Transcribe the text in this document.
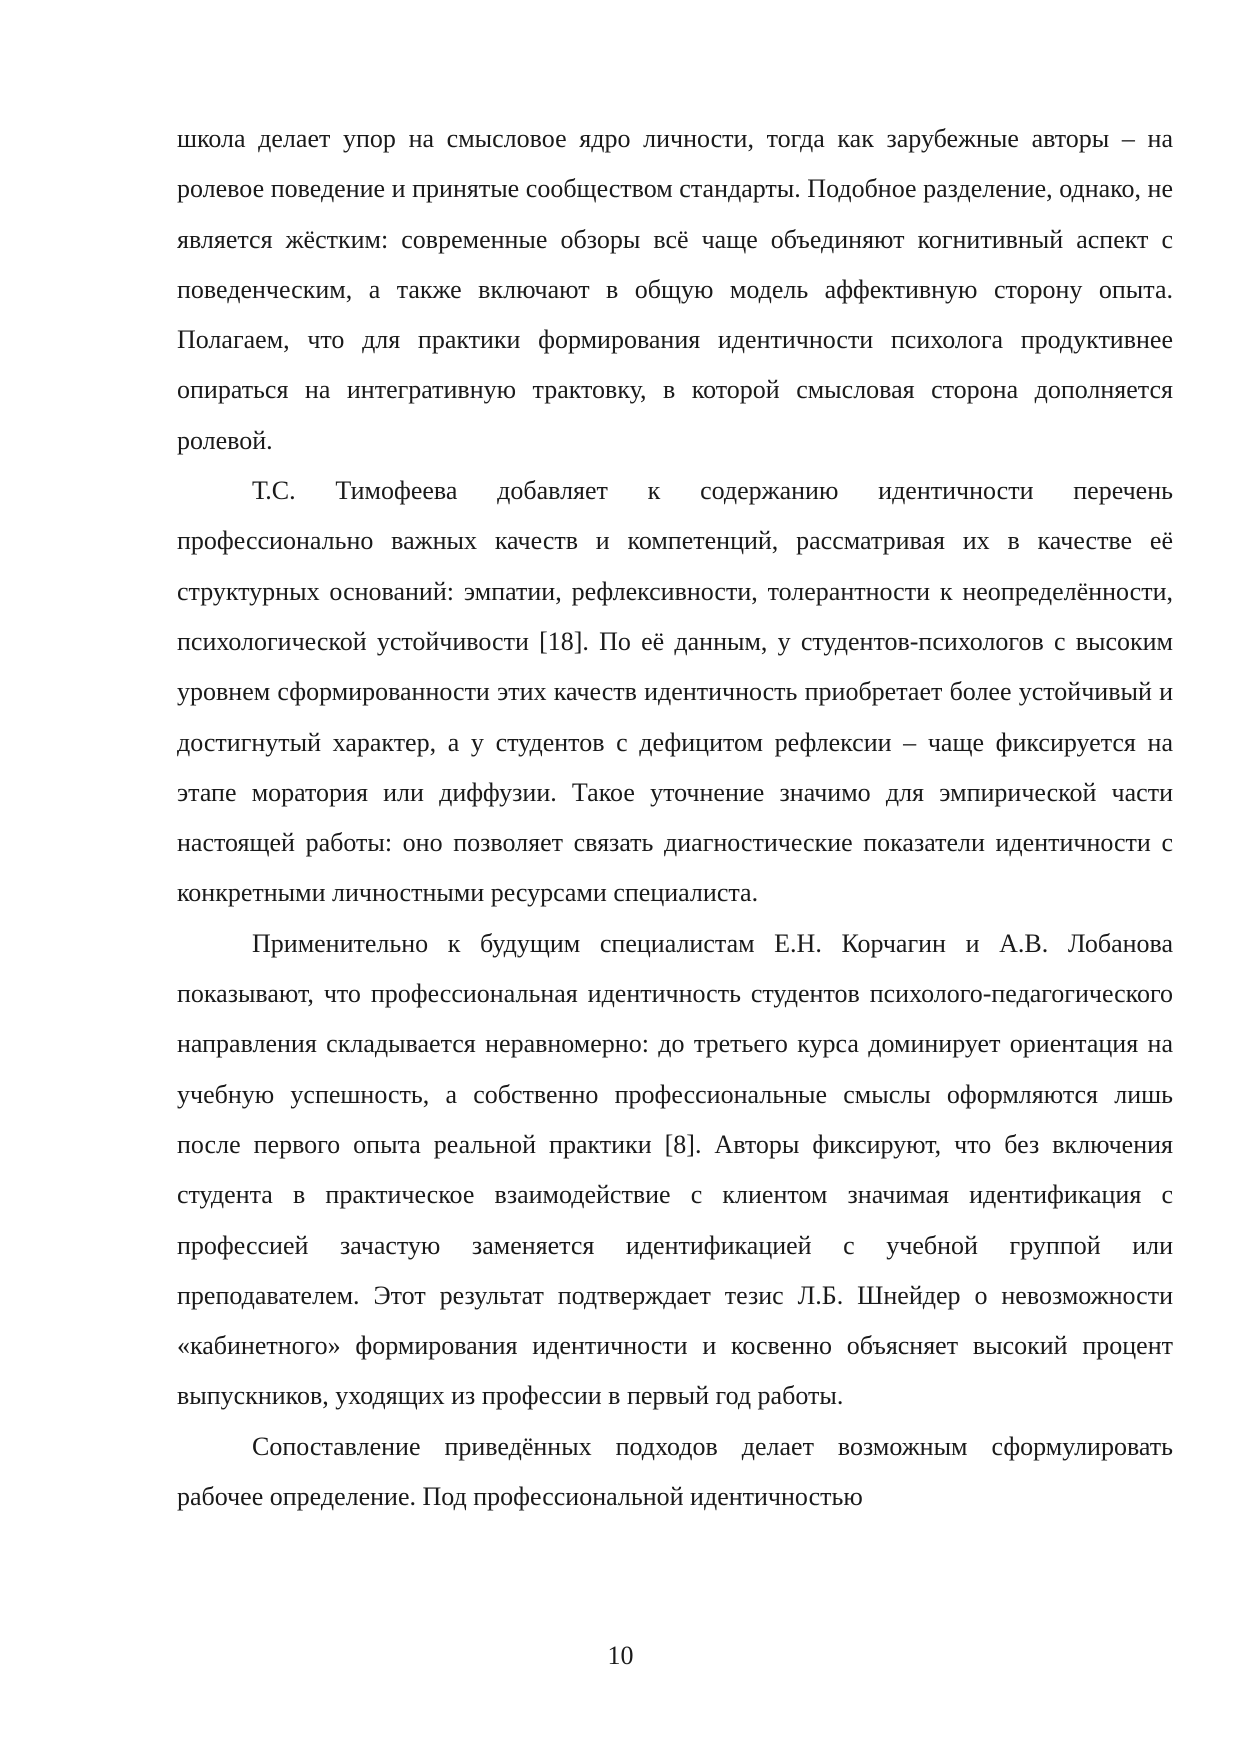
школа делает упор на смысловое ядро личности, тогда как зарубежные авторы – на ролевое поведение и принятые сообществом стандарты. Подобное разделение, однако, не является жёстким: современные обзоры всё чаще объединяют когнитивный аспект с поведенческим, а также включают в общую модель аффективную сторону опыта. Полагаем, что для практики формирования идентичности психолога продуктивнее опираться на интегративную трактовку, в которой смысловая сторона дополняется ролевой.

Т.С. Тимофеева добавляет к содержанию идентичности перечень профессионально важных качеств и компетенций, рассматривая их в качестве её структурных оснований: эмпатии, рефлексивности, толерантности к неопределённости, психологической устойчивости [18]. По её данным, у студентов-психологов с высоким уровнем сформированности этих качеств идентичность приобретает более устойчивый и достигнутый характер, а у студентов с дефицитом рефлексии – чаще фиксируется на этапе моратория или диффузии. Такое уточнение значимо для эмпирической части настоящей работы: оно позволяет связать диагностические показатели идентичности с конкретными личностными ресурсами специалиста.

Применительно к будущим специалистам Е.Н. Корчагин и А.В. Лобанова показывают, что профессиональная идентичность студентов психолого-педагогического направления складывается неравномерно: до третьего курса доминирует ориентация на учебную успешность, а собственно профессиональные смыслы оформляются лишь после первого опыта реальной практики [8]. Авторы фиксируют, что без включения студента в практическое взаимодействие с клиентом значимая идентификация с профессией зачастую заменяется идентификацией с учебной группой или преподавателем. Этот результат подтверждает тезис Л.Б. Шнейдер о невозможности «кабинетного» формирования идентичности и косвенно объясняет высокий процент выпускников, уходящих из профессии в первый год работы.

Сопоставление приведённых подходов делает возможным сформулировать рабочее определение. Под профессиональной идентичностью

10
